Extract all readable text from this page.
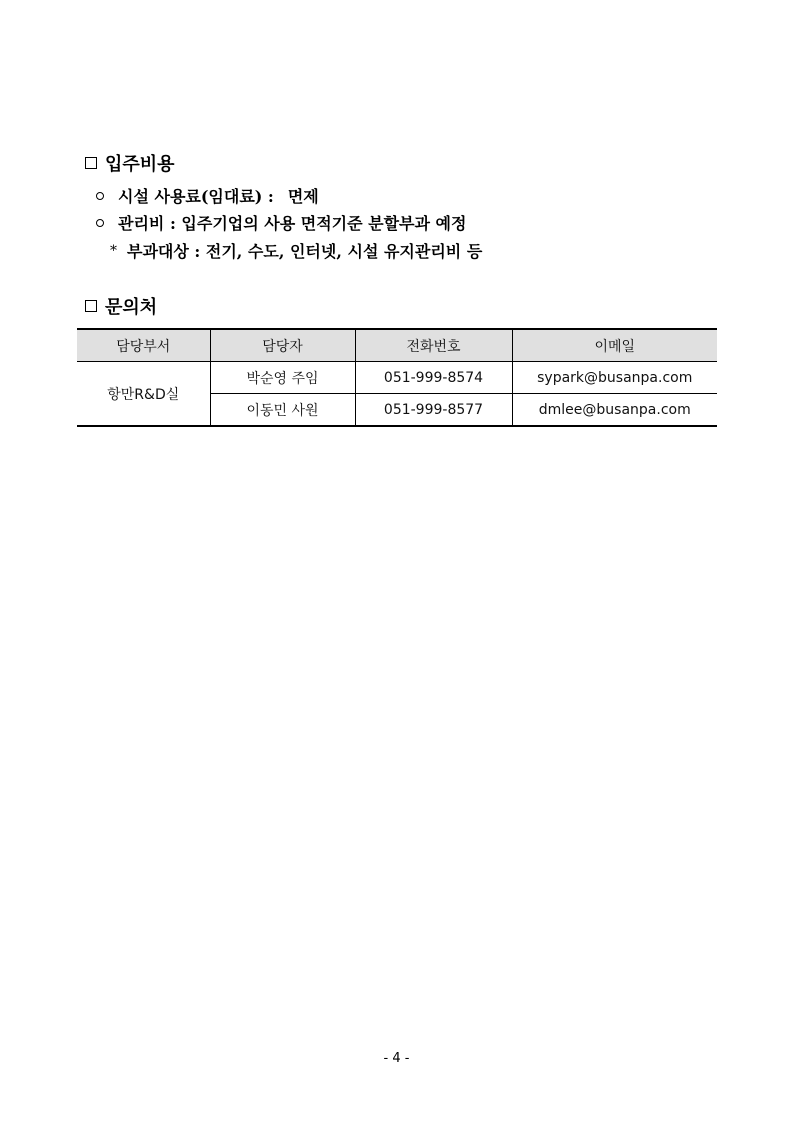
입주비용
시설 사용료(임대료) : 면제
관리비 : 입주기업의 사용 면적기준 분할부과 예정
* 부과대상 : 전기, 수도, 인터넷, 시설 유지관리비 등
문의처
담당부서	담당자	전화번호	이메일
항만R&D실	박순영 주임	051-999-8574	sypark@busanpa.com
	이동민 사원	051-999-8577	dmlee@busanpa.com
- 4 -
